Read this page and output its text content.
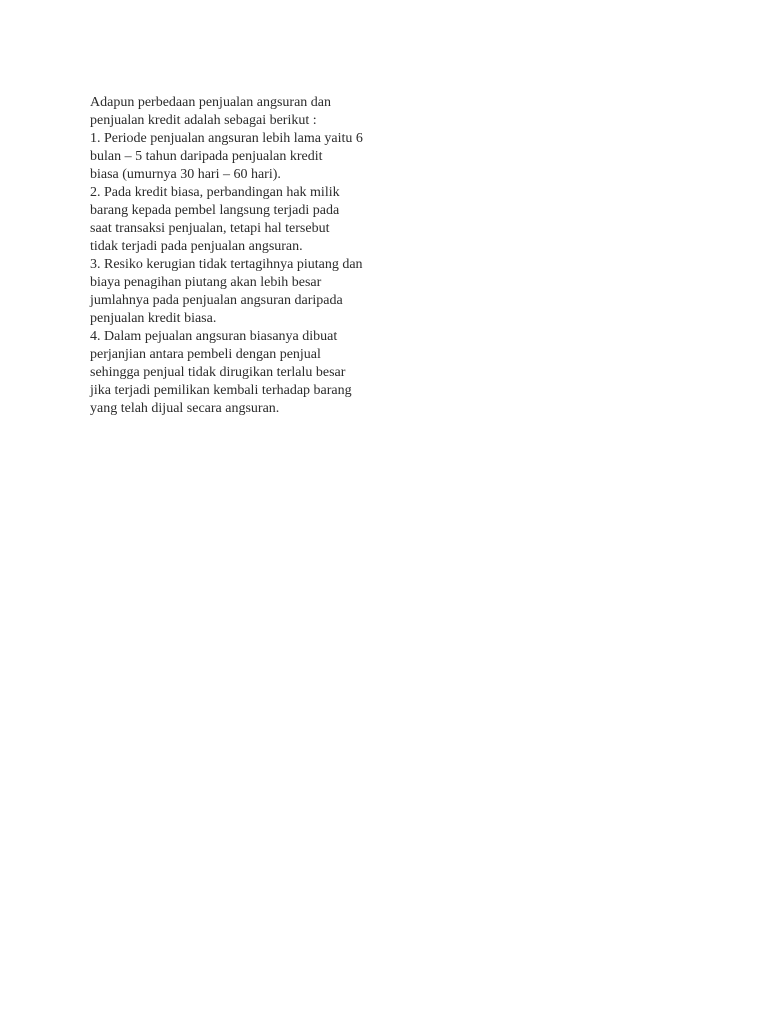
Adapun perbedaan penjualan angsuran dan
penjualan kredit adalah sebagai berikut :
1. Periode penjualan angsuran lebih lama yaitu 6
bulan – 5 tahun daripada penjualan kredit
biasa (umurnya 30 hari – 60 hari).
2. Pada kredit biasa, perbandingan hak milik
barang kepada pembel langsung terjadi pada
saat transaksi penjualan, tetapi hal tersebut
tidak terjadi pada penjualan angsuran.
3. Resiko kerugian tidak tertagihnya piutang dan
biaya penagihan piutang akan lebih besar
jumlahnya pada penjualan angsuran daripada
penjualan kredit biasa.
4. Dalam pejualan angsuran biasanya dibuat
perjanjian antara pembeli dengan penjual
sehingga penjual tidak dirugikan terlalu besar
jika terjadi pemilikan kembali terhadap barang
yang telah dijual secara angsuran.
